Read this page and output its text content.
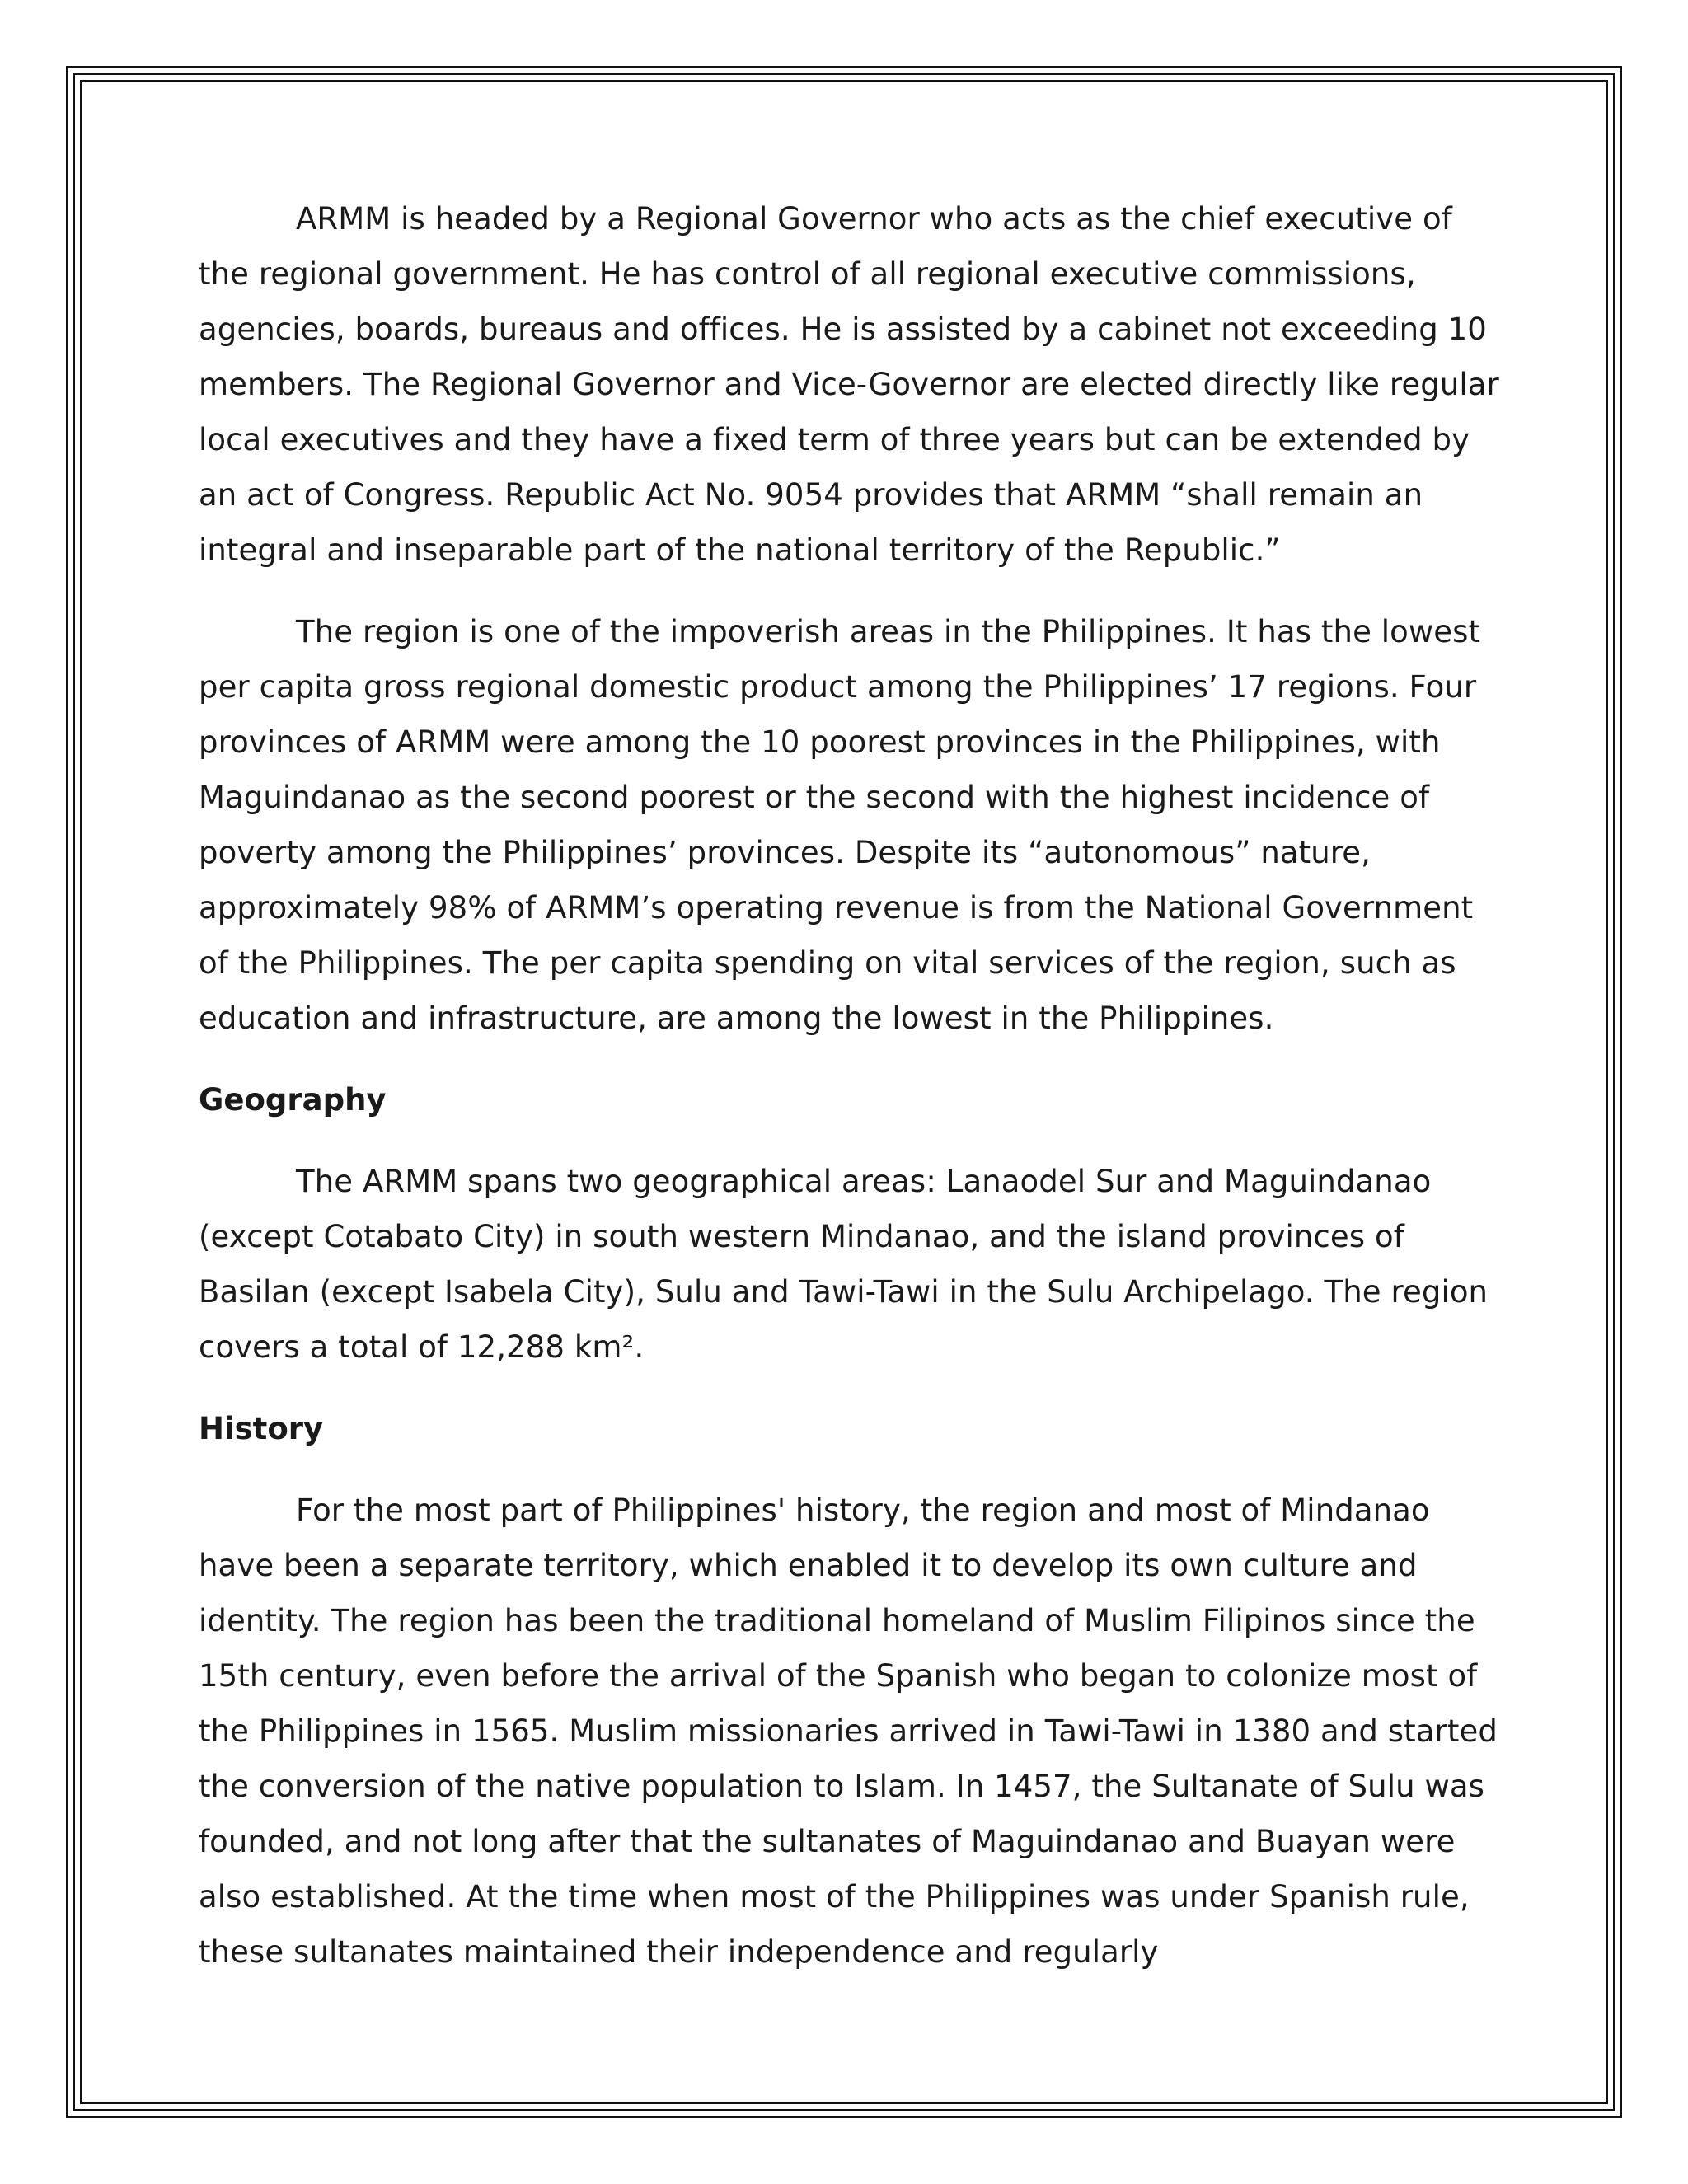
ARMM is headed by a Regional Governor who acts as the chief executive of the regional government. He has control of all regional executive commissions, agencies, boards, bureaus and offices. He is assisted by a cabinet not exceeding 10 members. The Regional Governor and Vice-Governor are elected directly like regular local executives and they have a fixed term of three years but can be extended by an act of Congress. Republic Act No. 9054 provides that ARMM “shall remain an integral and inseparable part of the national territory of the Republic.”

The region is one of the impoverish areas in the Philippines. It has the lowest per capita gross regional domestic product among the Philippines’ 17 regions. Four provinces of ARMM were among the 10 poorest provinces in the Philippines, with Maguindanao as the second poorest or the second with the highest incidence of poverty among the Philippines’ provinces. Despite its “autonomous” nature, approximately 98% of ARMM’s operating revenue is from the National Government of the Philippines. The per capita spending on vital services of the region, such as education and infrastructure, are among the lowest in the Philippines.

Geography

The ARMM spans two geographical areas: Lanaodel Sur and Maguindanao (except Cotabato City) in south western Mindanao, and the island provinces of Basilan (except Isabela City), Sulu and Tawi-Tawi in the Sulu Archipelago. The region covers a total of 12,288 km².

History

For the most part of Philippines' history, the region and most of Mindanao have been a separate territory, which enabled it to develop its own culture and identity. The region has been the traditional homeland of Muslim Filipinos since the 15th century, even before the arrival of the Spanish who began to colonize most of the Philippines in 1565. Muslim missionaries arrived in Tawi-Tawi in 1380 and started the conversion of the native population to Islam. In 1457, the Sultanate of Sulu was founded, and not long after that the sultanates of Maguindanao and Buayan were also established. At the time when most of the Philippines was under Spanish rule, these sultanates maintained their independence and regularly
